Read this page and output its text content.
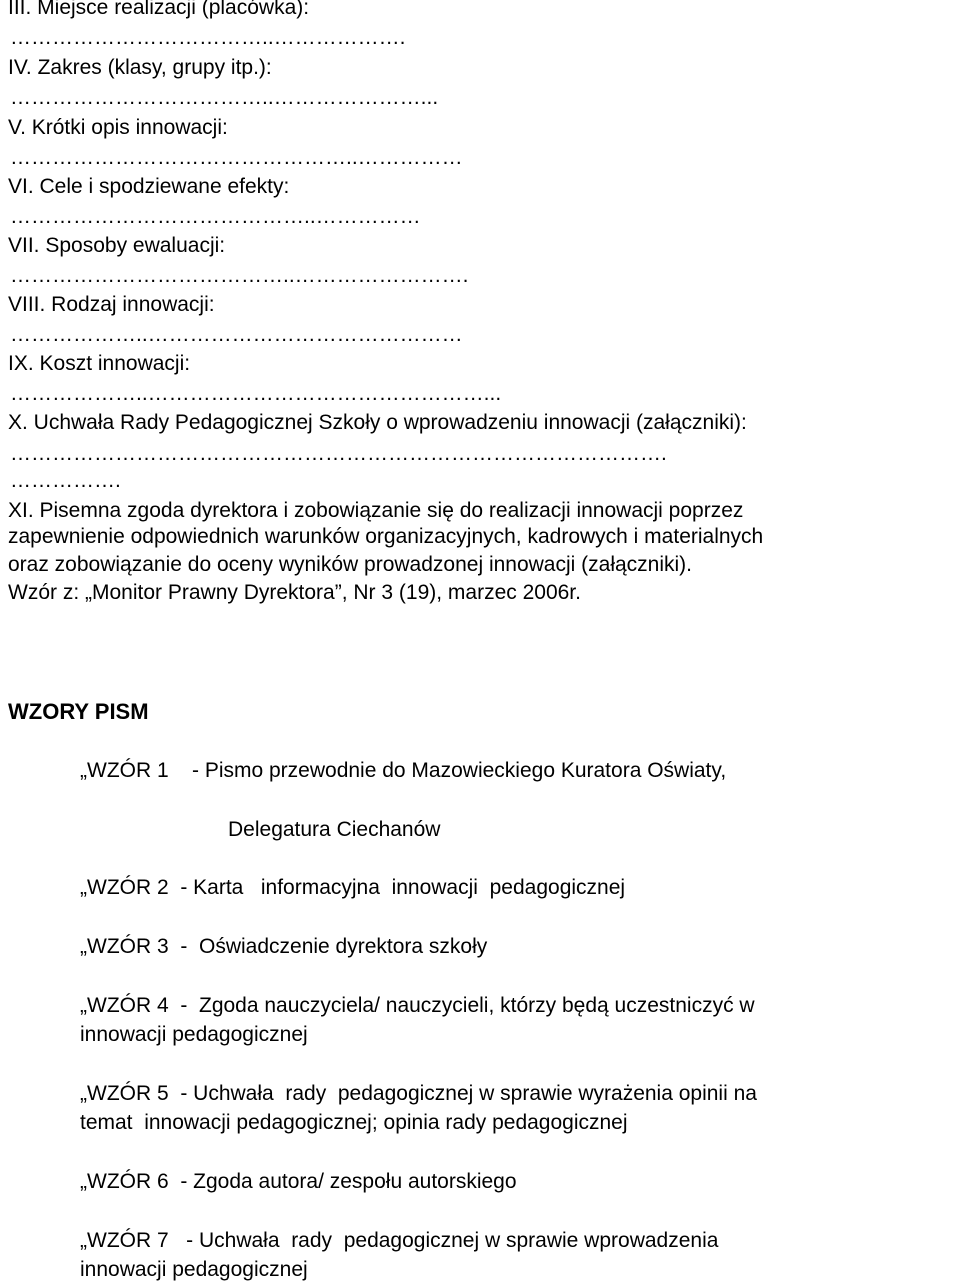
III. Miejsce realizacji (placówka):

………………………………..……………….

IV. Zakres (klasy, grupy itp.):

………………………………..…………………...

V. Krótki opis innowacji:

…………………………………………..……………

VI. Cele i spodziewane efekty:

……………………………………..……………

VII. Sposoby ewaluacji:

…………………………………..…………………….

VIII. Rodzaj innowacji:

………………..………………………………………

IX. Koszt innowacji:

………………..…………………………………………...

X. Uchwała Rady Pedagogicznej Szkoły o wprowadzeniu innowacji (załączniki):

………………………………………………………………………………….

…………….

XI. Pisemna zgoda dyrektora i zobowiązanie się do realizacji innowacji poprzez

zapewnienie odpowiednich warunków organizacyjnych, kadrowych i materialnych

oraz zobowiązanie do oceny wyników prowadzonej innowacji (załączniki).

Wzór z: „Monitor Prawny Dyrektora”, Nr 3 (19), marzec 2006r.

WZORY PISM

„WZÓR 1    - Pismo przewodnie do Mazowieckiego Kuratora Oświaty,

Delegatura Ciechanów

„WZÓR 2  - Karta   informacyjna  innowacji  pedagogicznej

„WZÓR 3  -  Oświadczenie dyrektora szkoły

„WZÓR 4  -  Zgoda nauczyciela/ nauczycieli, którzy będą uczestniczyć w

innowacji pedagogicznej

„WZÓR 5  - Uchwała  rady  pedagogicznej w sprawie wyrażenia opinii na

temat  innowacji pedagogicznej; opinia rady pedagogicznej

„WZÓR 6  - Zgoda autora/ zespołu autorskiego

„WZÓR 7   - Uchwała  rady  pedagogicznej w sprawie wprowadzenia

innowacji pedagogicznej
